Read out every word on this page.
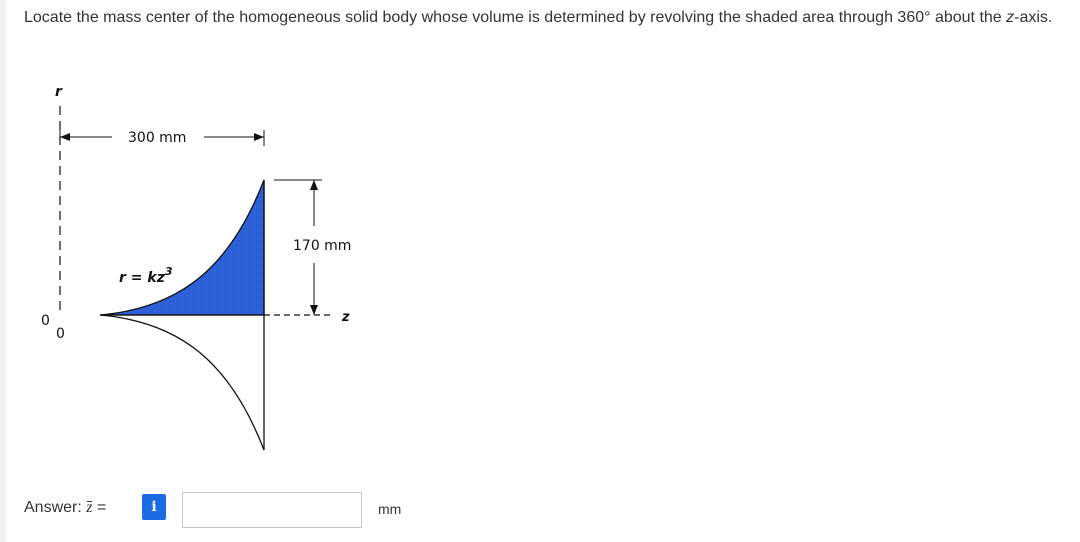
Locate the mass center of the homogeneous solid body whose volume is determined by revolving the shaded area through 360° about the z-axis.
r
0
0
300 mm
z
170 mm
$r = kz^3$
Answer: z =	i	mm
